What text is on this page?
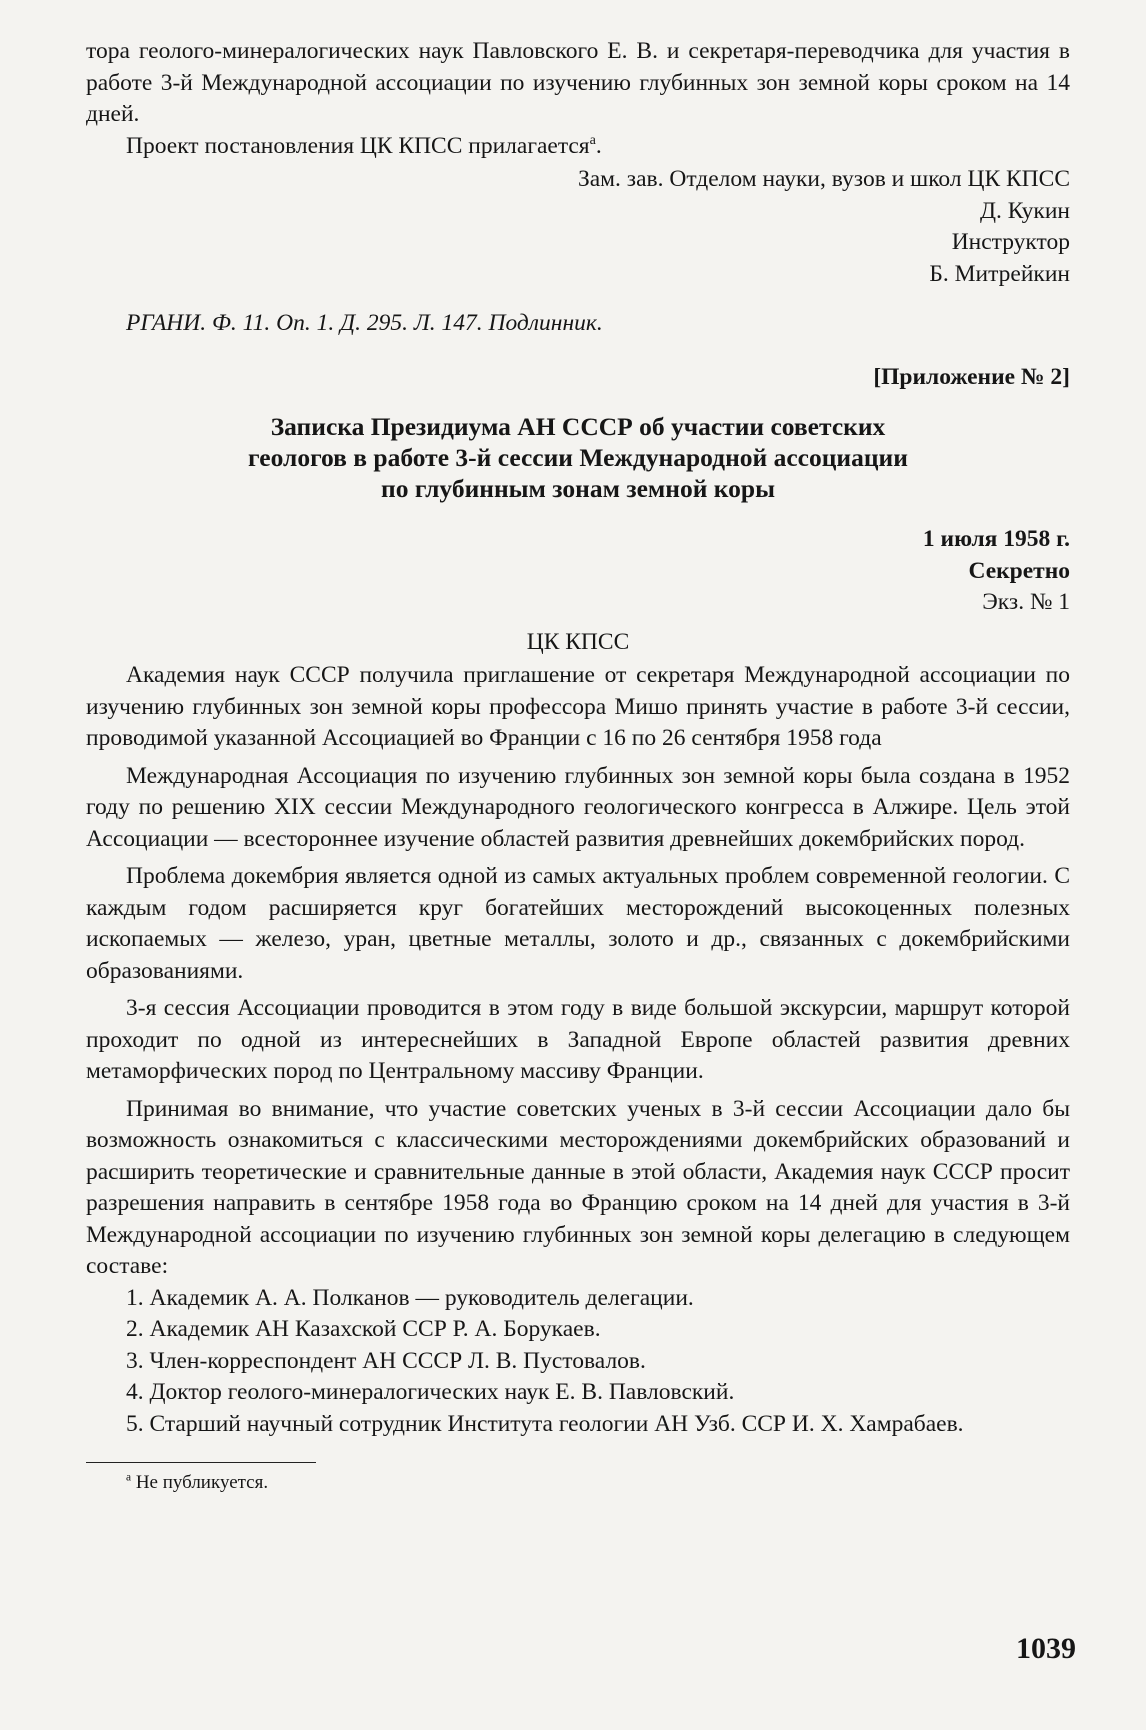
тора геолого-минералогических наук Павловского Е. В. и секретаря-переводчика для участия в работе 3-й Международной ассоциации по изучению глубинных зон земной коры сроком на 14 дней.

Проект постановления ЦК КПСС прилагается$^а$.

Зам. зав. Отделом науки, вузов и школ ЦК КПСС

Д. Кукин

Инструктор

Б. Митрейкин

РГАНИ. Ф. 11. Оп. 1. Д. 295. Л. 147. Подлинник.

[Приложение № 2]

Записка Президиума АН СССР об участии советских
геологов в работе 3-й сессии Международной ассоциации
по глубинным зонам земной коры

1 июля 1958 г.

Секретно

Экз. № 1

ЦК КПСС

Академия наук СССР получила приглашение от секретаря Международной ассоциации по изучению глубинных зон земной коры профессора Мишо принять участие в работе 3-й сессии, проводимой указанной Ассоциацией во Франции с 16 по 26 сентября 1958 года

Международная Ассоциация по изучению глубинных зон земной коры была создана в 1952 году по решению XIX сессии Международного геологического конгресса в Алжире. Цель этой Ассоциации — всестороннее изучение областей развития древнейших докембрийских пород.

Проблема докембрия является одной из самых актуальных проблем современной геологии. С каждым годом расширяется круг богатейших месторождений высокоценных полезных ископаемых — железо, уран, цветные металлы, золото и др., связанных с докембрийскими образованиями.

3-я сессия Ассоциации проводится в этом году в виде большой экскурсии, маршрут которой проходит по одной из интереснейших в Западной Европе областей развития древних метаморфических пород по Центральному массиву Франции.

Принимая во внимание, что участие советских ученых в 3-й сессии Ассоциации дало бы возможность ознакомиться с классическими месторождениями докембрийских образований и расширить теоретические и сравнительные данные в этой области, Академия наук СССР просит разрешения направить в сентябре 1958 года во Францию сроком на 14 дней для участия в 3-й Международной ассоциации по изучению глубинных зон земной коры делегацию в следующем составе:

1. Академик А. А. Полканов — руководитель делегации.
2. Академик АН Казахской ССР Р. А. Борукаев.
3. Член-корреспондент АН СССР Л. В. Пустовалов.
4. Доктор геолого-минералогических наук Е. В. Павловский.
5. Старший научный сотрудник Института геологии АН Узб. ССР И. Х. Хамрабаев.

$^а$ Не публикуется.

1039
